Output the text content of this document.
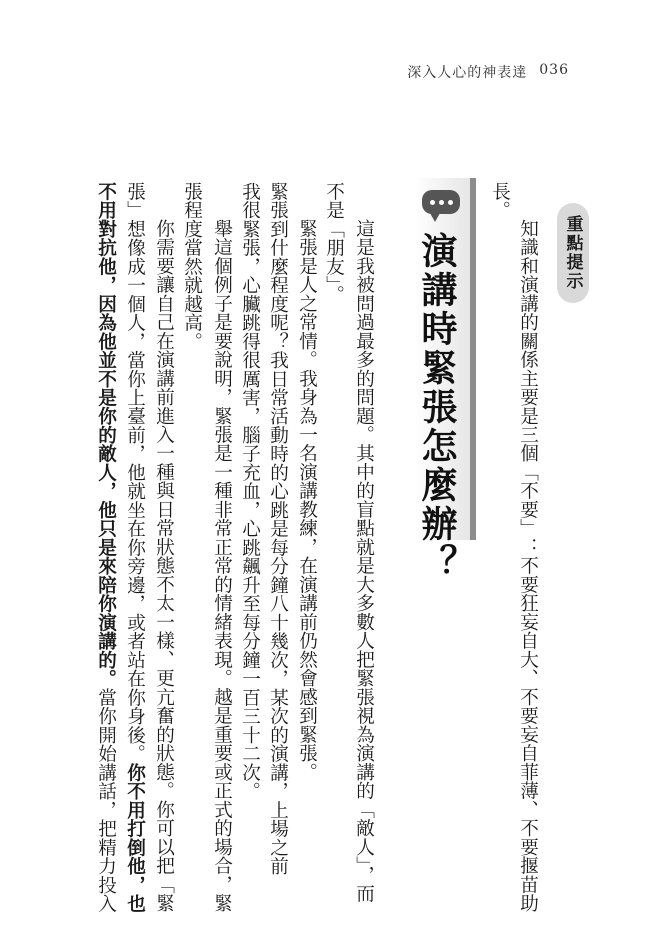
深入人心的神表達 036
重點提示
知識和演講的關係主要是三個「不要」：不要狂妄自大、不要妄自菲薄、不要揠苗助
長。
演講時緊張怎麼辦？
這是我被問過最多的問題。其中的盲點就是大多數人把緊張視為演講的「敵人」，而
不是「朋友」。
緊張是人之常情。我身為一名演講教練，在演講前仍然會感到緊張。
緊張到什麼程度呢？我日常活動時的心跳是每分鐘八十幾次，某次的演講，上場之前
我很緊張，心臟跳得很厲害，腦子充血，心跳飆升至每分鐘一百三十二次。
舉這個例子是要說明，緊張是一種非常正常的情緒表現。越是重要或正式的場合，緊
張程度當然就越高。
你需要讓自己在演講前進入一種與日常狀態不太一樣、更亢奮的狀態。你可以把「緊
張」想像成一個人，當你上臺前，他就坐在你旁邊，或者站在你身後。你不用打倒他，也
不用對抗他，因為他並不是你的敵人，他只是來陪你演講的。當你開始講話，把精力投入
